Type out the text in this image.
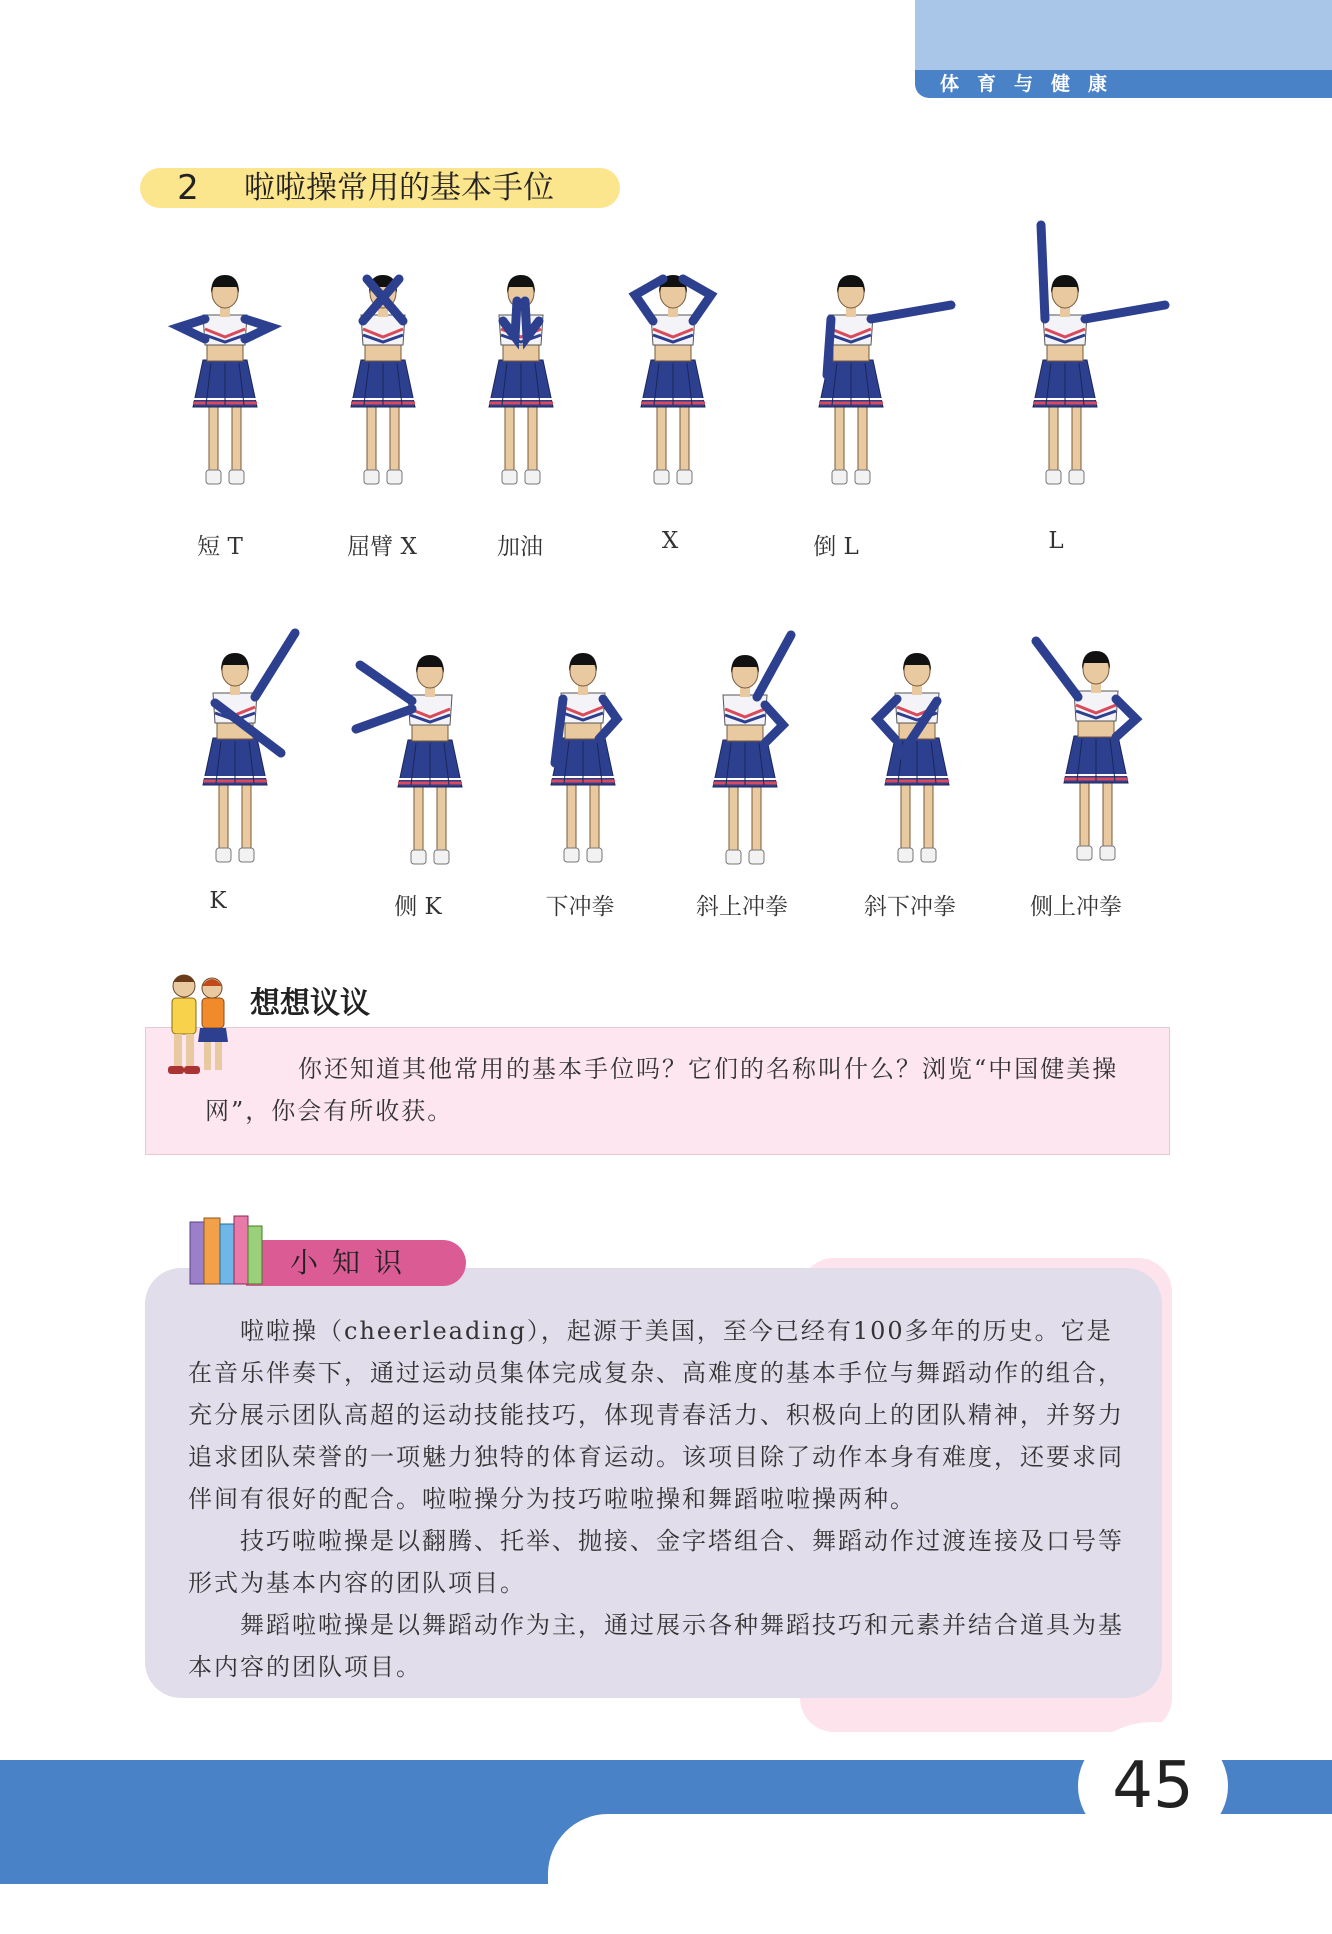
体育与健康
2 啦啦操常用的基本手位
短 T	屈臂 X	加油	X	倒 L	L
K	侧 K	下冲拳	斜上冲拳	斜下冲拳	侧上冲拳
想想议议
你还知道其他常用的基本手位吗？它们的名称叫什么？浏览“中国健美操网”，你会有所收获。
小知识
啦啦操（cheerleading），起源于美国，至今已经有100多年的历史。它是在音乐伴奏下，通过运动员集体完成复杂、高难度的基本手位与舞蹈动作的组合，充分展示团队高超的运动技能技巧，体现青春活力、积极向上的团队精神，并努力追求团队荣誉的一项魅力独特的体育运动。该项目除了动作本身有难度，还要求同伴间有很好的配合。啦啦操分为技巧啦啦操和舞蹈啦啦操两种。
技巧啦啦操是以翻腾、托举、抛接、金字塔组合、舞蹈动作过渡连接及口号等形式为基本内容的团队项目。
舞蹈啦啦操是以舞蹈动作为主，通过展示各种舞蹈技巧和元素并结合道具为基本内容的团队项目。
45
